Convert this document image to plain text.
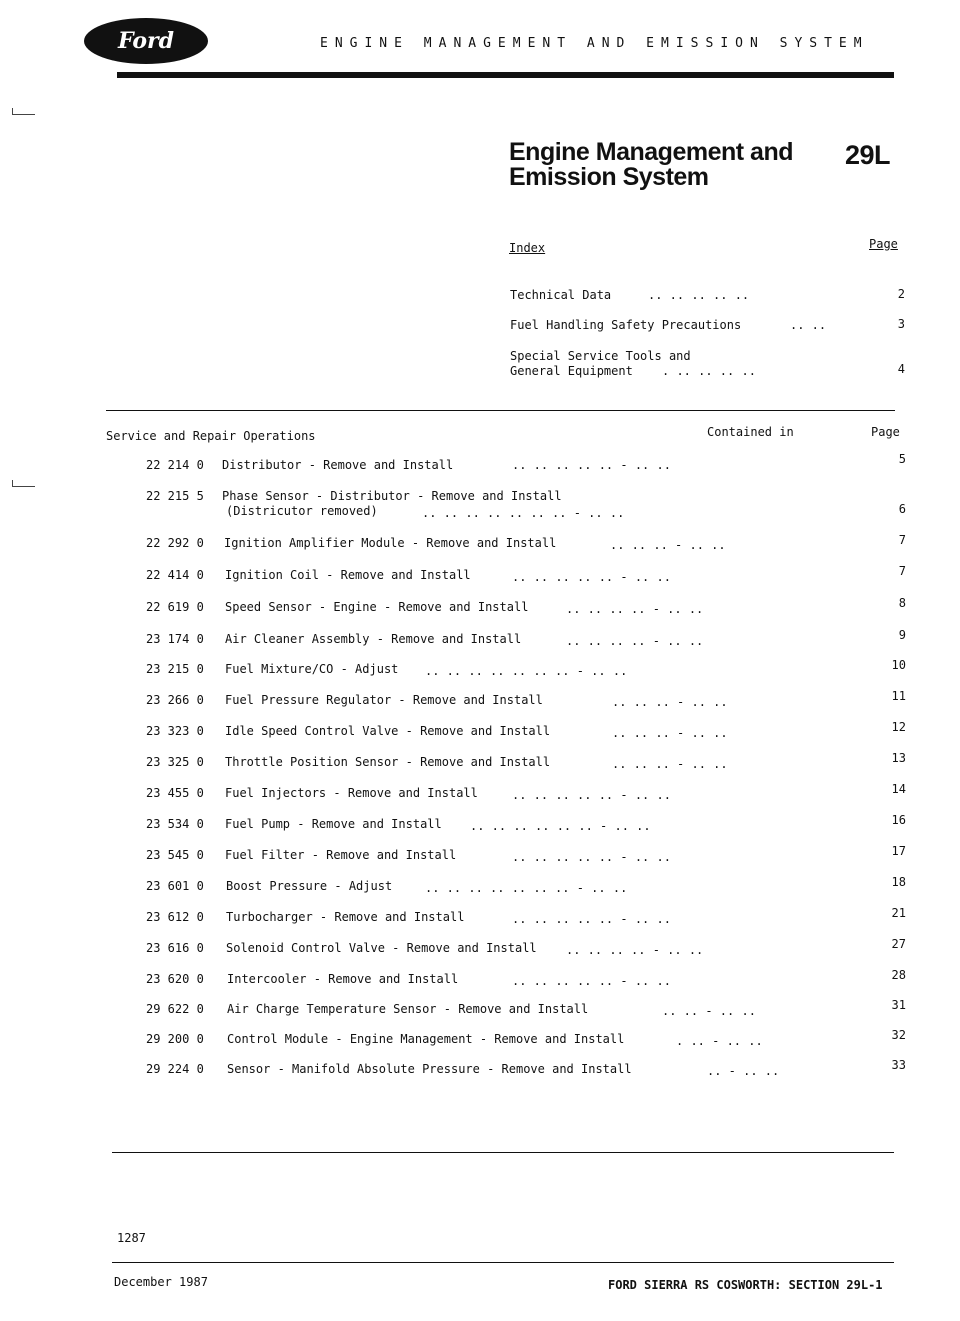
Ford	ENGINE MANAGEMENT AND EMISSION SYSTEM
Engine Management and
Emission System
29L
Index	Page
Technical Data	.. .. .. .. ..	2
Fuel Handling Safety Precautions	.. ..	3
Special Service Tools and
General Equipment . .. .. .. ..	4
Service and Repair Operations	Contained in	Page
22 214 0 Distributor - Remove and Install	.. .. .. .. .. - .. ..	5
22 215 5 Phase Sensor - Distributor - Remove and Install
(Districutor removed)	.. .. .. .. .. .. .. - .. ..	6
22 292 0 Ignition Amplifier Module - Remove and Install	.. .. .. - .. ..	7
22 414 0 Ignition Coil - Remove and Install	.. .. .. .. .. - .. ..	7
22 619 0 Speed Sensor - Engine - Remove and Install	.. .. .. .. - .. ..	8
23 174 0 Air Cleaner Assembly - Remove and Install	.. .. .. .. - .. ..	9
23 215 0 Fuel Mixture/CO - Adjust .. .. .. .. .. .. .. - .. ..	10
23 266 0 Fuel Pressure Regulator - Remove and Install	.. .. .. - .. ..	11
23 323 0 Idle Speed Control Valve - Remove and Install	.. .. .. - .. ..	12
23 325 0 Throttle Position Sensor - Remove and Install	.. .. .. - .. ..	13
23 455 0 Fuel Injectors - Remove and Install	.. .. .. .. .. - .. ..	14
23 534 0 Fuel Pump - Remove and Install .. .. .. .. .. .. - .. ..	16
23 545 0 Fuel Filter - Remove and Install	.. .. .. .. .. - .. ..	17
23 601 0 Boost Pressure - Adjust	.. .. .. .. .. .. .. - .. ..	18
23 612 0 Turbocharger - Remove and Install	.. .. .. .. .. - .. ..	21
23 616 0 Solenoid Control Valve - Remove and Install .. .. .. .. - .. ..	27
23 620 0 Intercooler - Remove and Install	.. .. .. .. .. - .. ..	28
29 622 0 Air Charge Temperature Sensor - Remove and Install	.. .. - .. ..	31
29 200 0 Control Module - Engine Management - Remove and Install	. .. - .. ..	32
29 224 0 Sensor - Manifold Absolute Pressure - Remove and Install	.. - .. ..	33
1287
December 1987	FORD SIERRA RS COSWORTH: SECTION 29L-1
